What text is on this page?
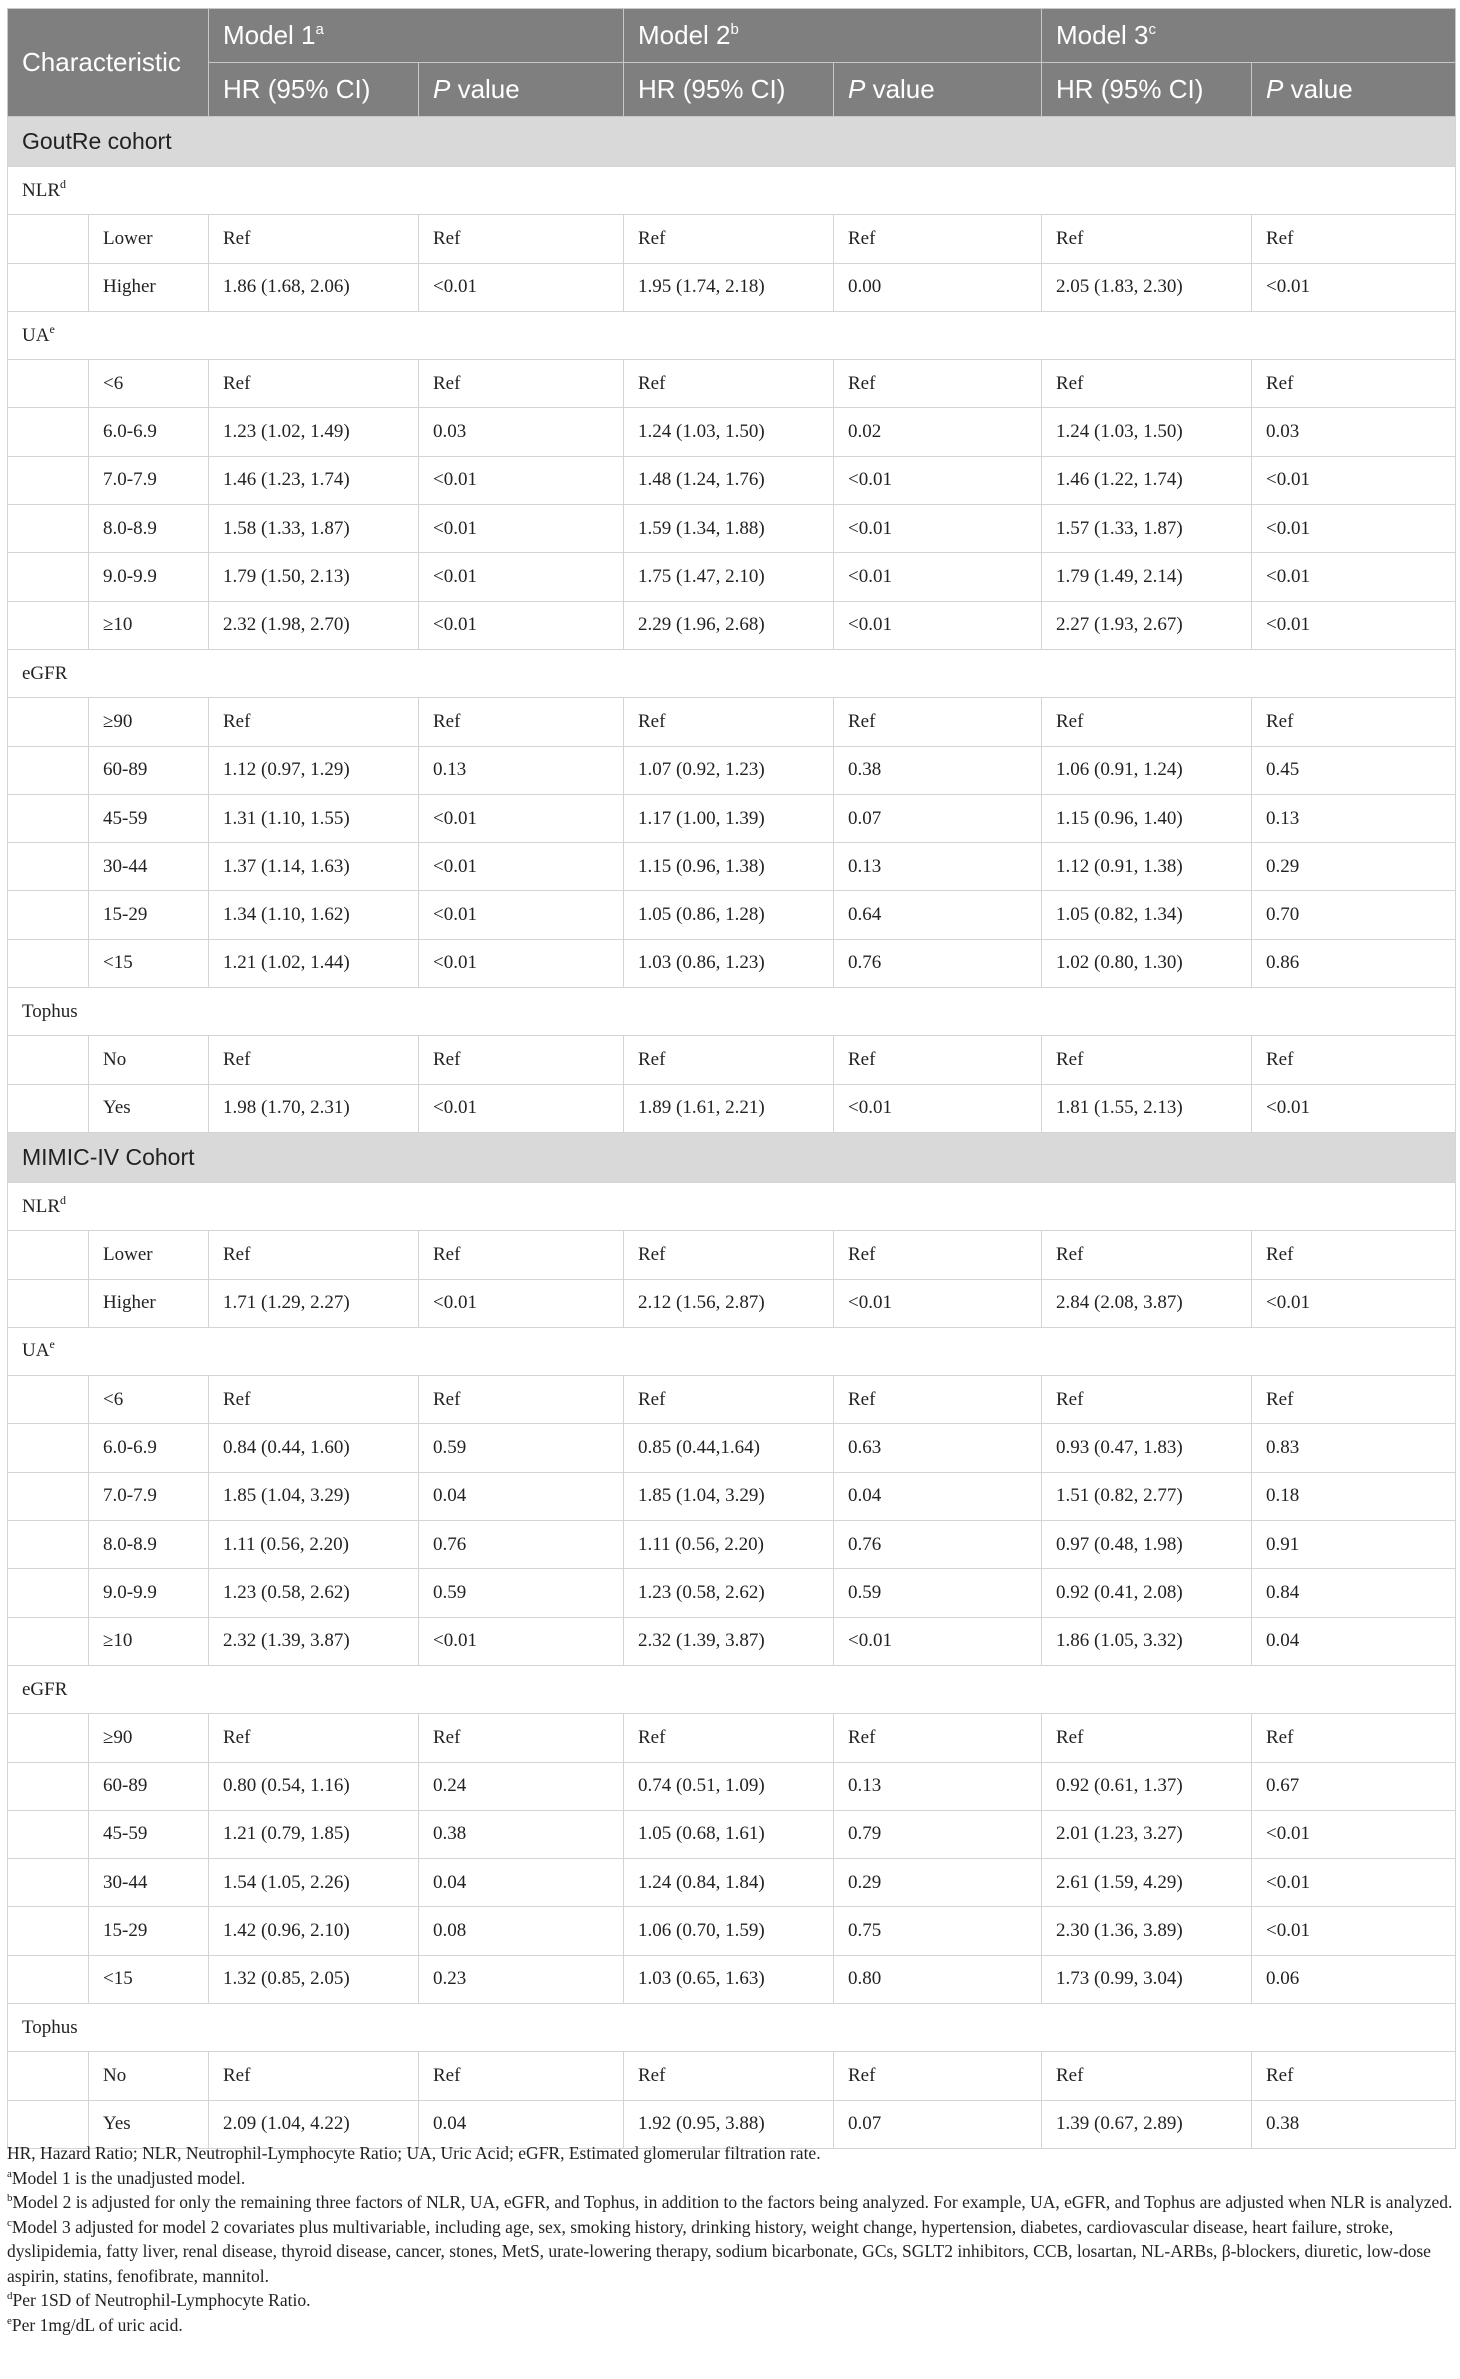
Characteristic		Model 1$^a$		Model 2$^b$		Model 3$^c$
		HR (95% CI)	P value	HR (95% CI)	P value	HR (95% CI)	P value
GoutRe cohort							
NLR$^d$
	Lower	Ref	Ref	Ref	Ref	Ref	Ref
	Higher	1.86 (1.68, 2.06)	<0.01	1.95 (1.74, 2.18)	0.00	2.05 (1.83, 2.30)	<0.01
$UA^e$
	<6	Ref	Ref	Ref	Ref	Ref	Ref
	6.0-6.9	1.23 (1.02, 1.49)	0.03	1.24 (1.03, 1.50)	0.02	1.24 (1.03, 1.50)	0.03
	7.0-7.9	1.46 (1.23, 1.74)	<0.01	1.48 (1.24, 1.76)	<0.01	1.46 (1.22, 1.74)	<0.01
	8.0-8.9	1.58 (1.33, 1.87)	<0.01	1.59 (1.34, 1.88)	<0.01	1.57 (1.33, 1.87)	<0.01
	9.0-9.9	1.79 (1.50, 2.13)	<0.01	1.75 (1.47, 2.10)	<0.01	1.79 (1.49, 2.14)	<0.01
	≥10	2.32 (1.98, 2.70)	<0.01	2.29 (1.96, 2.68)	<0.01	2.27 (1.93, 2.67)	<0.01
eGFR							
	≥90	Ref	Ref	Ref	Ref	Ref	Ref
	60-89	1.12 (0.97, 1.29)	0.13	1.07 (0.92, 1.23)	0.38	1.06 (0.91, 1.24)	0.45
	45-59	1.31 (1.10, 1.55)	<0.01	1.17 (1.00, 1.39)	0.07	1.15 (0.96, 1.40)	0.13
	30-44	1.37 (1.14, 1.63)	<0.01	1.15 (0.96, 1.38)	0.13	1.12 (0.91, 1.38)	0.29
	15-29	1.34 (1.10, 1.62)	<0.01	1.05 (0.86, 1.28)	0.64	1.05 (0.82, 1.34)	0.70
	<15	1.21 (1.02, 1.44)	<0.01	1.03 (0.86, 1.23)	0.76	1.02 (0.80, 1.30)	0.86
Tophus							
	No	Ref	Ref	Ref	Ref	Ref	Ref
	Yes	1.98 (1.70, 2.31)	<0.01	1.89 (1.61, 2.21)	<0.01	1.81 (1.55, 2.13)	<0.01
MIMIC-IV Cohort							
NLR$^d$
	Lower	Ref	Ref	Ref	Ref	Ref	Ref
	Higher	1.71 (1.29, 2.27)	<0.01	2.12 (1.56, 2.87)	<0.01	2.84 (2.08, 3.87)	<0.01
$UA^e$
	<6	Ref	Ref	Ref	Ref	Ref	Ref
	6.0-6.9	0.84 (0.44, 1.60)	0.59	0.85 (0.44,1.64)	0.63	0.93 (0.47, 1.83)	0.83
	7.0-7.9	1.85 (1.04, 3.29)	0.04	1.85 (1.04, 3.29)	0.04	1.51 (0.82, 2.77)	0.18
	8.0-8.9	1.11 (0.56, 2.20)	0.76	1.11 (0.56, 2.20)	0.76	0.97 (0.48, 1.98)	0.91
	9.0-9.9	1.23 (0.58, 2.62)	0.59	1.23 (0.58, 2.62)	0.59	0.92 (0.41, 2.08)	0.84
	≥10	2.32 (1.39, 3.87)	<0.01	2.32 (1.39, 3.87)	<0.01	1.86 (1.05, 3.32)	0.04
eGFR							
	≥90	Ref	Ref	Ref	Ref	Ref	Ref
	60-89	0.80 (0.54, 1.16)	0.24	0.74 (0.51, 1.09)	0.13	0.92 (0.61, 1.37)	0.67
	45-59	1.21 (0.79, 1.85)	0.38	1.05 (0.68, 1.61)	0.79	2.01 (1.23, 3.27)	<0.01
	30-44	1.54 (1.05, 2.26)	0.04	1.24 (0.84, 1.84)	0.29	2.61 (1.59, 4.29)	<0.01
	15-29	1.42 (0.96, 2.10)	0.08	1.06 (0.70, 1.59)	0.75	2.30 (1.36, 3.89)	<0.01
	<15	1.32 (0.85, 2.05)	0.23	1.03 (0.65, 1.63)	0.80	1.73 (0.99, 3.04)	0.06
Tophus							
	No	Ref	Ref	Ref	Ref	Ref	Ref
	Yes	2.09 (1.04, 4.22)	0.04	1.92 (0.95, 3.88)	0.07	1.39 (0.67, 2.89)	0.38

HR, Hazard Ratio; NLR, Neutrophil-Lymphocyte Ratio; UA, Uric Acid; eGFR, Estimated glomerular filtration rate.

$^a$Model 1 is the unadjusted model.

$^b$Model 2 is adjusted for only the remaining three factors of NLR, UA, eGFR, and Tophus, in addition to the factors being analyzed. For example, UA, eGFR, and Tophus are adjusted when NLR is analyzed.

$^c$Model 3 adjusted for model 2 covariates plus multivariable, including age, sex, smoking history, drinking history, weight change, hypertension, diabetes, cardiovascular disease, heart failure, stroke, dyslipidemia, fatty liver, renal disease, thyroid disease, cancer, stones, MetS, urate-lowering therapy, sodium bicarbonate, GCs, SGLT2 inhibitors, CCB, losartan, NL-ARBs, β-blockers, diuretic, low-dose aspirin, statins, fenofibrate, mannitol.

$^d$Per 1SD of Neutrophil-Lymphocyte Ratio.

$^e$Per 1mg/dL of uric acid.
